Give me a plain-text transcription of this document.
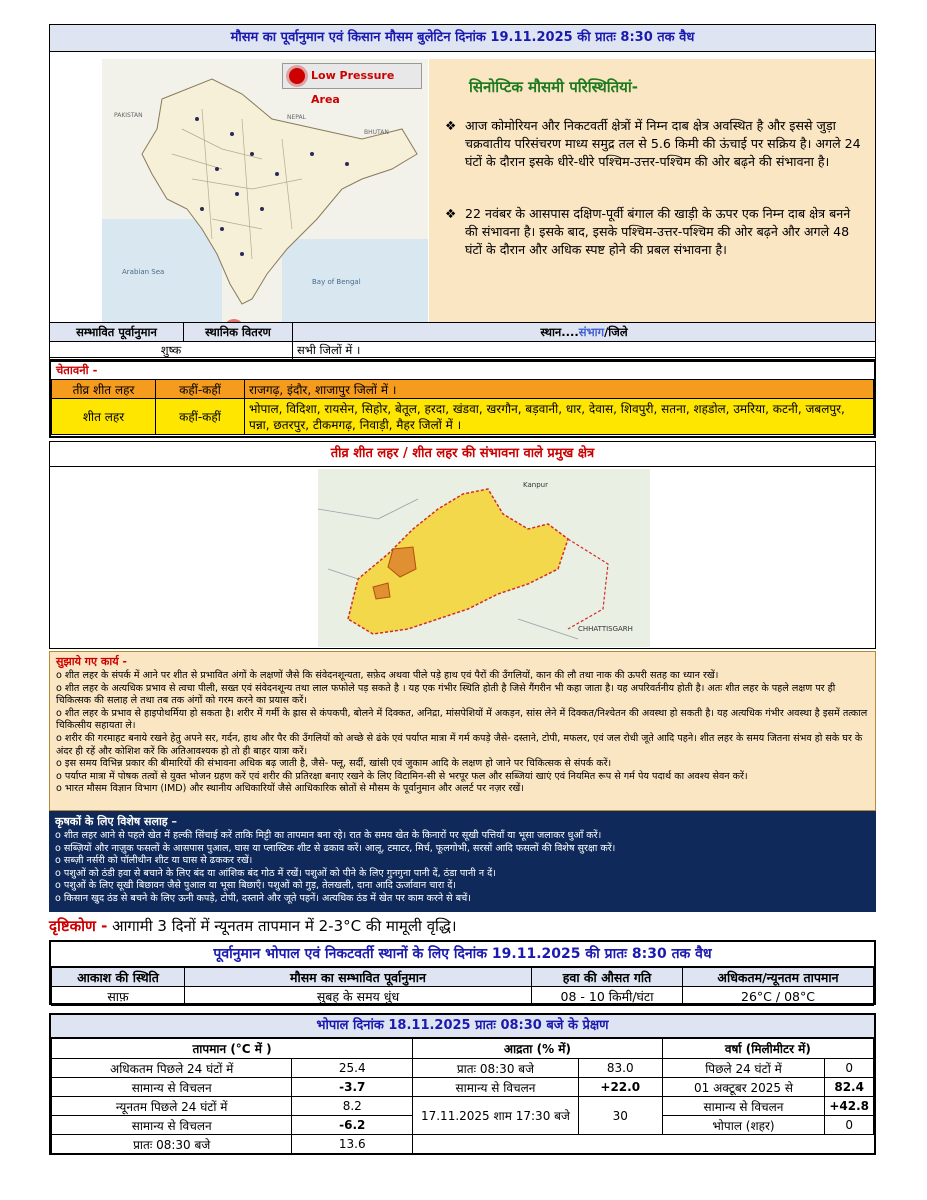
मौसम का पूर्वानुमान एवं किसान मौसम बुलेटिन दिनांक 19.11.2025 की प्रातः 8:30 तक वैध
PAKISTAN	NEPAL
BHUTAN
Bay of Bengal
Arabian Sea
Low Pressure Area
सिनोप्टिक मौसमी परिस्थितियां-
❖ आज कोमोरियन और निकटवर्ती क्षेत्रों में निम्न दाब क्षेत्र अवस्थित है और इससे जुड़ा चक्रवातीय परिसंचरण माध्य समुद्र तल से 5.6 किमी की ऊंचाई पर सक्रिय है। अगले 24 घंटों के दौरान इसके धीरे-धीरे पश्चिम-उत्तर-पश्चिम की ओर बढ़ने की संभावना है।
❖ 22 नवंबर के आसपास दक्षिण-पूर्वी बंगाल की खाड़ी के ऊपर एक निम्न दाब क्षेत्र बनने की संभावना है। इसके बाद, इसके पश्चिम-उत्तर-पश्चिम की ओर बढ़ने और अगले 48 घंटों के दौरान और अधिक स्पष्ट होने की प्रबल संभावना है।
सम्भावित पूर्वानुमान	स्थानिक वितरण	स्थान....संभाग/जिले
शुष्क		सभी जिलों में ।
चेतावनी -
तीव्र शीत लहर	कहीं-कहीं	राजगढ़, इंदौर, शाजापुर जिलों में ।
शीत लहर	कहीं-कहीं	भोपाल, विदिशा, रायसेन, सिहोर, बेतूल, हरदा, खंडवा, खरगौन, बड़वानी, धार, देवास, शिवपुरी, सतना, शहडोल, उमरिया, कटनी, जबलपुर, पन्ना, छतरपुर, टीकमगढ़, निवाड़ी, मैहर जिलों में ।
तीव्र शीत लहर / शीत लहर की संभावना वाले प्रमुख क्षेत्र
Kanpur
CHHATTISGARH
सुझाये गए कार्य -
o शीत लहर के संपर्क में आने पर शीत से प्रभावित अंगों के लक्षणों जैसे कि संवेदनशून्यता, सफ़ेद अथवा पीले पड़े हाथ एवं पैरों की उँगलियों, कान की लौ तथा नाक की ऊपरी सतह का ध्यान रखें।
o शीत लहर के अत्यधिक प्रभाव से त्वचा पीली, सख्त एवं संवेदनशून्य तथा लाल फफोले पड़ सकते है । यह एक गंभीर स्थिति होती है जिसे गैंगरीन भी कहा जाता है। यह अपरिवर्तनीय होती है। अतः शीत लहर के पहले लक्षण पर ही चिकित्सक की सलाह ले तथा तब तक अंगों को गरम करने का प्रयास करें।
o शीत लहर के प्रभाव से हाइपोथर्मिया हो सकता है। शरीर में गर्मी के ह्रास से कंपकपी, बोलने में दिक्कत, अनिद्रा, मांसपेशियों में अकड़न, सांस लेने में दिक्कत/निश्चेतन की अवस्था हो सकती है। यह अत्यधिक गंभीर अवस्था है इसमें तत्काल चिकित्सीय सहायता ले।
o शरीर की गरमाहट बनाये रखने हेतु अपने सर, गर्दन, हाथ और पैर की उँगलियों को अच्छे से ढंके एवं पर्याप्त मात्रा में गर्म कपड़े जैसे- दस्ताने, टोपी, मफलर, एवं जल रोधी जूते आदि पहने। शीत लहर के समय जितना संभव हो सके घर के अंदर ही रहें और कोशिश करें कि अतिआवश्यक हो तो ही बाहर यात्रा करें।
o इस समय विभिन्न प्रकार की बीमारियों की संभावना अधिक बढ़ जाती है, जैसे- फ्लू, सर्दी, खांसी एवं जुकाम आदि के लक्षण हो जाने पर चिकित्सक से संपर्क करें।
o पर्याप्त मात्रा में पोषक तत्वों से युक्त भोजन ग्रहण करें एवं शरीर की प्रतिरक्षा बनाए रखने के लिए विटामिन-सी से भरपूर फल और सब्जियां खाएं एवं नियमित रूप से गर्म पेय पदार्थ का अवश्य सेवन करें।
o भारत मौसम विज्ञान विभाग (IMD) और स्थानीय अधिकारियों जैसे आधिकारिक स्रोतों से मौसम के पूर्वानुमान और अलर्ट पर नज़र रखें।
कृषकों के लिए विशेष सलाह –
o शीत लहर आने से पहले खेत में हल्की सिंचाई करें ताकि मिट्टी का तापमान बना रहे। रात के समय खेत के किनारों पर सूखी पत्तियाँ या भूसा जलाकर धुआँ करें।
o सब्ज़ियों और नाज़ुक फसलों के आसपास पुआल, घास या प्लास्टिक शीट से ढकाव करें। आलू, टमाटर, मिर्च, फूलगोभी, सरसों आदि फसलों की विशेष सुरक्षा करें।
o सब्ज़ी नर्सरी को पॉलीथीन शीट या घास से ढककर रखें।
o पशुओं को ठंडी हवा से बचाने के लिए बंद या आंशिक बंद गोठ में रखें। पशुओं को पीने के लिए गुनगुना पानी दें, ठंडा पानी न दें।
o पशुओं के लिए सूखी बिछावन जैसे पुआल या भूसा बिछाएँ। पशुओं को गुड़, तेलखली, दाना आदि ऊर्जावान चारा दें।
o किसान खुद ठंड से बचने के लिए ऊनी कपड़े, टोपी, दस्ताने और जूते पहनें। अत्यधिक ठंड में खेत पर काम करने से बचें।
दृष्टिकोण - आगामी 3 दिनों में न्यूनतम तापमान में 2-3°C की मामूली वृद्धि।
पूर्वानुमान भोपाल एवं निकटवर्ती स्थानों के लिए दिनांक 19.11.2025 की प्रातः 8:30 तक वैध
आकाश की स्थिति	मौसम का सम्भावित पूर्वानुमान	हवा की औसत गति	अधिकतम/न्यूनतम तापमान
साफ़	सुबह के समय धुंध	08 - 10 किमी/घंटा	26°C / 08°C
भोपाल दिनांक 18.11.2025 प्रातः 08:30 बजे के प्रेक्षण
तापमान (°C में )		आद्रता (% में)		वर्षा (मिलीमीटर में)	
अधिकतम पिछले 24 घंटों में	25.4	प्रातः 08:30 बजे	83.0	पिछले 24 घंटों में	0
सामान्य से विचलन	-3.7	सामान्य से विचलन	+22.0	01 अक्टूबर 2025 से	82.4
न्यूनतम पिछले 24 घंटों में	8.2	17.11.2025 शाम 17:30 बजे	30	सामान्य से विचलन	+42.8
सामान्य से विचलन	-6.2			भोपाल (शहर)	0
प्रातः 08:30 बजे	13.6				
